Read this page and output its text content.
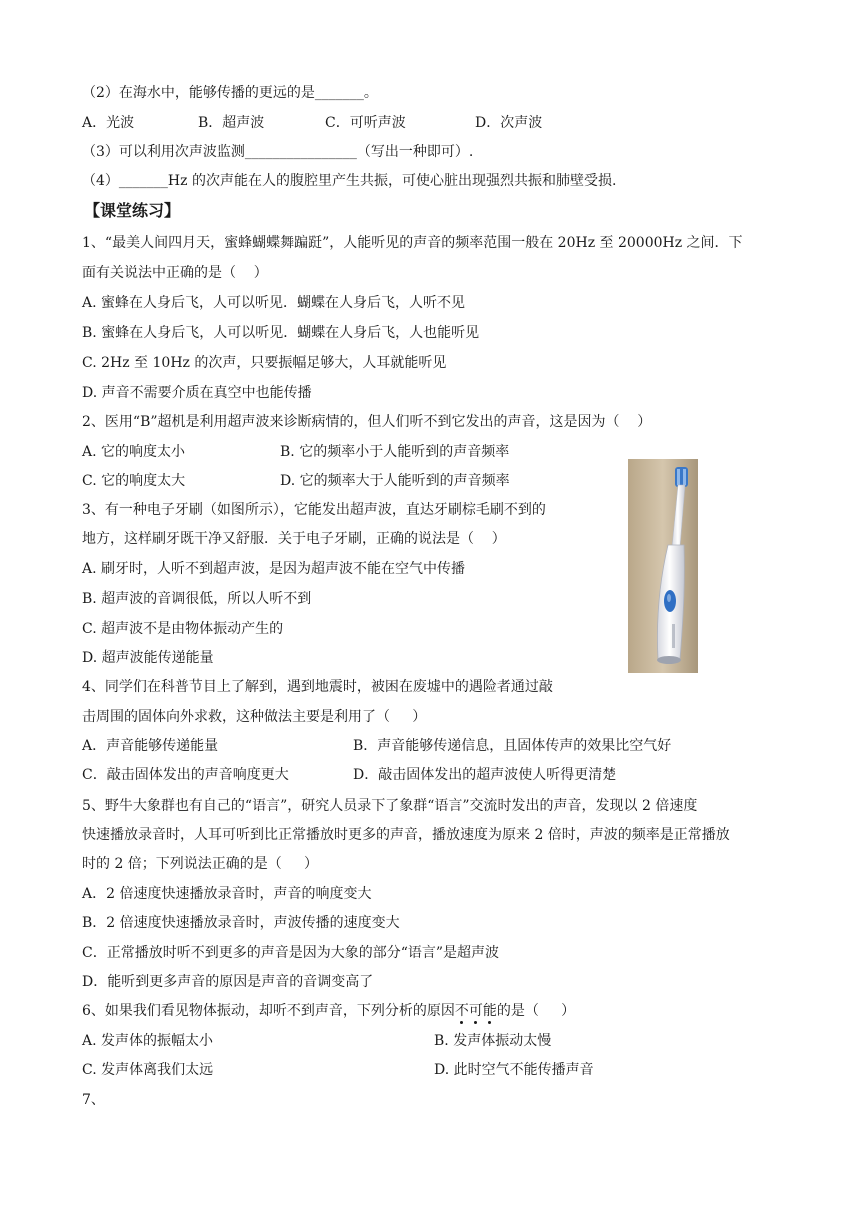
（2）在海水中，能够传播的更远的是_______。
A．光波	B．超声波	C．可听声波	D．次声波
（3）可以利用次声波监测________________（写出一种即可）.
（4）_______Hz 的次声能在人的腹腔里产生共振，可使心脏出现强烈共振和肺壁受损.
【课堂练习】
1、“最美人间四月天，蜜蜂蝴蝶舞蹁跹”，人能听见的声音的频率范围一般在 20Hz 至 20000Hz 之间．下
面有关说法中正确的是（    ）
A. 蜜蜂在人身后飞，人可以听见．蝴蝶在人身后飞，人听不见
B. 蜜蜂在人身后飞，人可以听见．蝴蝶在人身后飞，人也能听见
C. 2Hz 至 10Hz 的次声，只要振幅足够大，人耳就能听见
D. 声音不需要介质在真空中也能传播
2、医用“B”超机是利用超声波来诊断病情的，但人们听不到它发出的声音，这是因为（    ）
A. 它的响度太小	B. 它的频率小于人能听到的声音频率
C. 它的响度太大	D. 它的频率大于人能听到的声音频率
3、有一种电子牙刷（如图所示），它能发出超声波，直达牙刷棕毛刷不到的
地方，这样刷牙既干净又舒服．关于电子牙刷，正确的说法是（    ）
A. 刷牙时，人听不到超声波，是因为超声波不能在空气中传播
B. 超声波的音调很低，所以人听不到
C. 超声波不是由物体振动产生的
D. 超声波能传递能量
4、同学们在科普节目上了解到，遇到地震时，被困在废墟中的遇险者通过敲
击周围的固体向外求救，这种做法主要是利用了（     ）
A．声音能够传递能量	B．声音能够传递信息，且固体传声的效果比空气好
C．敲击固体发出的声音响度更大	D．敲击固体发出的超声波使人听得更清楚
5、野牛大象群也有自己的“语言”，研究人员录下了象群“语言”交流时发出的声音，发现以 2 倍速度
快速播放录音时，人耳可听到比正常播放时更多的声音，播放速度为原来 2 倍时，声波的频率是正常播放
时的 2 倍；下列说法正确的是（     ）
A．2 倍速度快速播放录音时，声音的响度变大
B．2 倍速度快速播放录音时，声波传播的速度变大
C．正常播放时听不到更多的声音是因为大象的部分“语言”是超声波
D．能听到更多声音的原因是声音的音调变高了
6、如果我们看见物体振动，却听不到声音，下列分析的原因不可能的是（     ）
A. 发声体的振幅太小	B. 发声体振动太慢
C. 发声体离我们太远	D. 此时空气不能传播声音
7、
